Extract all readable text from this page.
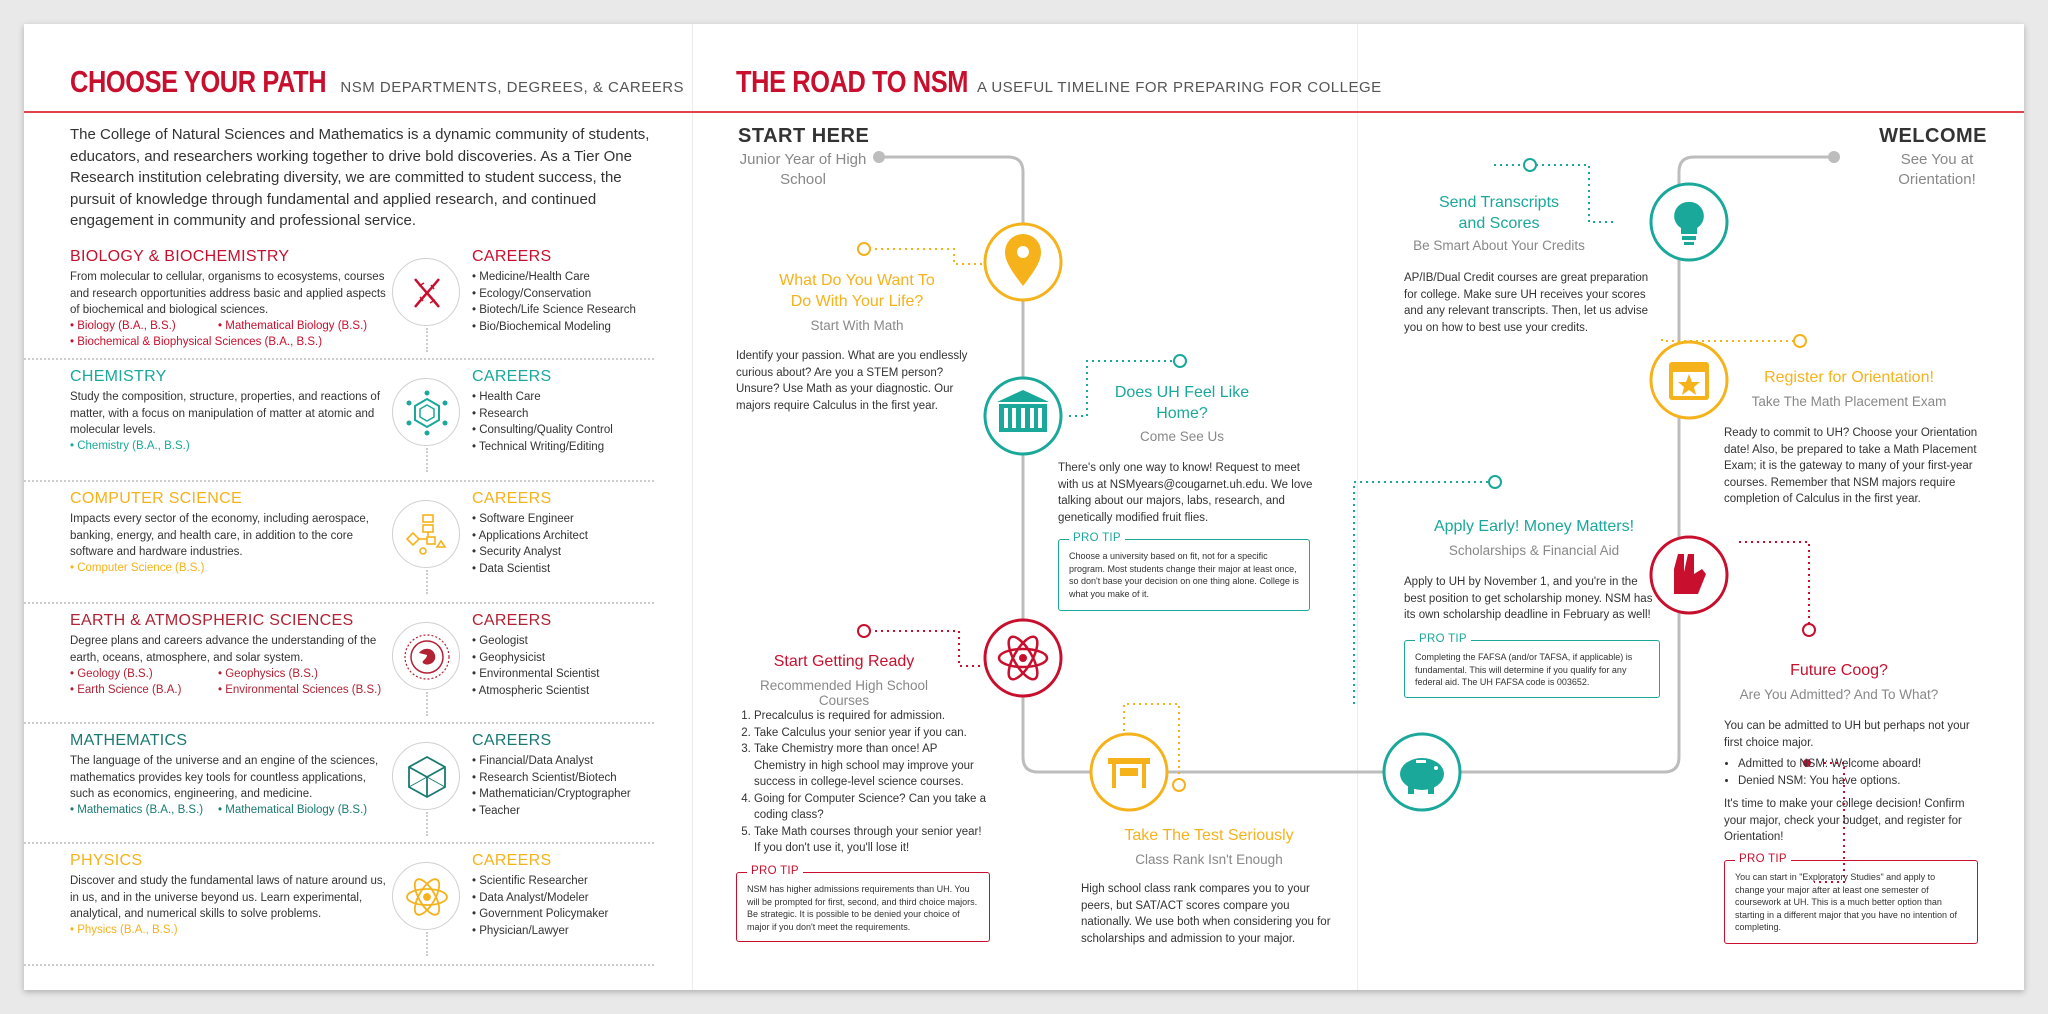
CHOOSE YOUR PATH NSM DEPARTMENTS, DEGREES, & CAREERS
The College of Natural Sciences and Mathematics is a dynamic community of students, educators, and researchers working together to drive bold discoveries. As a Tier One Research institution celebrating diversity, we are committed to student success, the pursuit of knowledge through fundamental and applied research, and continued engagement in community and professional service.
BIOLOGY & BIOCHEMISTRY
From molecular to cellular, organisms to ecosystems, courses and research opportunities address basic and applied aspects of biochemical and biological sciences.
• Biology (B.A., B.S.)	• Mathematical Biology (B.S.)
• Biochemical & Biophysical Sciences (B.A., B.S.)
CAREERS
• Medicine/Health Care
• Ecology/Conservation
• Biotech/Life Science Research
• Bio/Biochemical Modeling
CHEMISTRY
Study the composition, structure, properties, and reactions of matter, with a focus on manipulation of matter at atomic and molecular levels.
• Chemistry (B.A., B.S.)
CAREERS
• Health Care
• Research
• Consulting/Quality Control
• Technical Writing/Editing
COMPUTER SCIENCE
Impacts every sector of the economy, including aerospace, banking, energy, and health care, in addition to the core software and hardware industries.
• Computer Science (B.S.)
CAREERS
• Software Engineer
• Applications Architect
• Security Analyst
• Data Scientist
EARTH & ATMOSPHERIC SCIENCES
Degree plans and careers advance the understanding of the earth, oceans, atmosphere, and solar system.
• Geology (B.S.)	• Geophysics (B.S.)
• Earth Science (B.A.)	• Environmental Sciences (B.S.)
CAREERS
• Geologist
• Geophysicist
• Environmental Scientist
• Atmospheric Scientist
MATHEMATICS
The language of the universe and an engine of the sciences, mathematics provides key tools for countless applications, such as economics, engineering, and medicine.
• Mathematics (B.A., B.S.)	• Mathematical Biology (B.S.)
CAREERS
• Financial/Data Analyst
• Research Scientist/Biotech
• Mathematician/Cryptographer
• Teacher
PHYSICS
Discover and study the fundamental laws of nature around us, in us, and in the universe beyond us. Learn experimental, analytical, and numerical skills to solve problems.
• Physics (B.A., B.S.)
CAREERS
• Scientific Researcher
• Data Analyst/Modeler
• Government Policymaker
• Physician/Lawyer
THE ROAD TO NSM A USEFUL TIMELINE FOR PREPARING FOR COLLEGE
START HERE
Junior Year of High School
WELCOME
See You at Orientation!
What Do You Want To Do With Your Life?
Start With Math
Identify your passion. What are you endlessly curious about? Are you a STEM person? Unsure? Use Math as your diagnostic. Our majors require Calculus in the first year.
Does UH Feel Like Home?
Come See Us
There's only one way to know! Request to meet with us at NSMyears@cougarnet.uh.edu. We love talking about our majors, labs, research, and genetically modified fruit flies.
PRO TIP
Choose a university based on fit, not for a specific program. Most students change their major at least once, so don't base your decision on one thing alone. College is what you make of it.
Start Getting Ready
Recommended High School Courses
1. Precalculus is required for admission.
2. Take Calculus your senior year if you can.
3. Take Chemistry more than once! AP Chemistry in high school may improve your success in college-level science courses.
4. Going for Computer Science? Can you take a coding class?
5. Take Math courses through your senior year! If you don't use it, you'll lose it!
PRO TIP
NSM has higher admissions requirements than UH. You will be prompted for first, second, and third choice majors. Be strategic. It is possible to be denied your choice of major if you don't meet the requirements.
Take The Test Seriously
Class Rank Isn't Enough
High school class rank compares you to your peers, but SAT/ACT scores compare you nationally. We use both when considering you for scholarships and admission to your major.
Apply Early! Money Matters!
Scholarships & Financial Aid
Apply to UH by November 1, and you're in the best position to get scholarship money. NSM has its own scholarship deadline in February as well!
PRO TIP
Completing the FAFSA (and/or TAFSA, if applicable) is fundamental. This will determine if you qualify for any federal aid. The UH FAFSA code is 003652.
Send Transcripts and Scores
Be Smart About Your Credits
AP/IB/Dual Credit courses are great preparation for college. Make sure UH receives your scores and any relevant transcripts. Then, let us advise you on how to best use your credits.
Register for Orientation!
Take The Math Placement Exam
Ready to commit to UH? Choose your Orientation date! Also, be prepared to take a Math Placement Exam; it is the gateway to many of your first-year courses. Remember that NSM majors require completion of Calculus in the first year.
Future Coog?
Are You Admitted? And To What?
You can be admitted to UH but perhaps not your first choice major.
• Admitted to NSM: Welcome aboard!
• Denied NSM: You have options.
It's time to make your college decision! Confirm your major, check your budget, and register for Orientation!
PRO TIP
You can start in "Exploratory Studies" and apply to change your major after at least one semester of coursework at UH. This is a much better option than starting in a different major that you have no intention of completing.
